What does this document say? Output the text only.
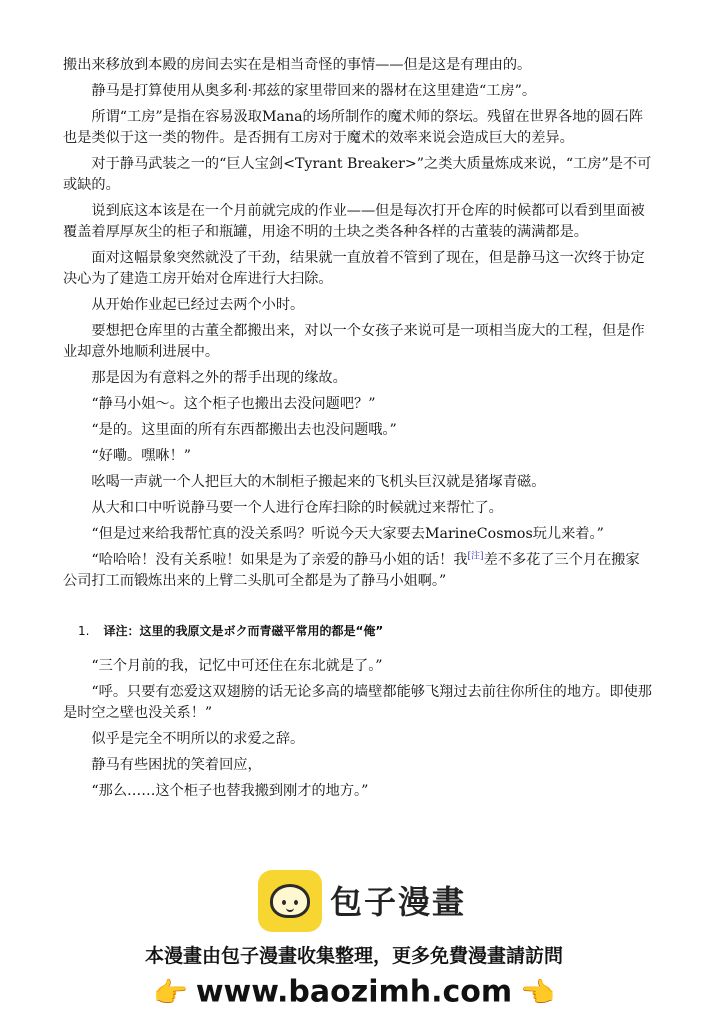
搬出来移放到本殿的房间去实在是相当奇怪的事情——但是这是有理由的。

静马是打算使用从奥多利·邦兹的家里带回来的器材在这里建造“工房”。

所谓“工房”是指在容易汲取Mana的场所制作的魔术师的祭坛。残留在世界各地的圆石阵也是类似于这一类的物件。是否拥有工房对于魔术的效率来说会造成巨大的差异。

对于静马武装之一的“巨人宝剑<Tyrant Breaker>”之类大质量炼成来说，“工房”是不可或缺的。

说到底这本该是在一个月前就完成的作业——但是每次打开仓库的时候都可以看到里面被覆盖着厚厚灰尘的柜子和瓶罐，用途不明的土块之类各种各样的古董装的满满都是。

面对这幅景象突然就没了干劲，结果就一直放着不管到了现在，但是静马这一次终于协定决心为了建造工房开始对仓库进行大扫除。

从开始作业起已经过去两个小时。

要想把仓库里的古董全都搬出来，对以一个女孩子来说可是一项相当庞大的工程，但是作业却意外地顺利进展中。

那是因为有意料之外的帮手出现的缘故。

“静马小姐～。这个柜子也搬出去没问题吧？”

“是的。这里面的所有东西都搬出去也没问题哦。”

“好嘞。嘿咻！”

吆喝一声就一个人把巨大的木制柜子搬起来的飞机头巨汉就是猪塚青磁。

从大和口中听说静马要一个人进行仓库扫除的时候就过来帮忙了。

“但是过来给我帮忙真的没关系吗？听说今天大家要去MarineCosmos玩儿来着。”

“哈哈哈！没有关系啦！如果是为了亲爱的静马小姐的话！我[注]差不多花了三个月在搬家公司打工而锻炼出来的上臂二头肌可全都是为了静马小姐啊。”

1. 译注：这里的我原文是ボク而青磁平常用的都是“俺”

“三个月前的我，记忆中可还住在东北就是了。”

“呼。只要有恋爱这双翅膀的话无论多高的墙壁都能够飞翔过去前往你所住的地方。即使那是时空之壁也没关系！”

似乎是完全不明所以的求爱之辞。

静马有些困扰的笑着回应，

“那么……这个柜子也替我搬到刚才的地方。”

包子漫畫
本漫畫由包子漫畫收集整理，更多免費漫畫請訪問
👉 www.baozimh.com 👈
